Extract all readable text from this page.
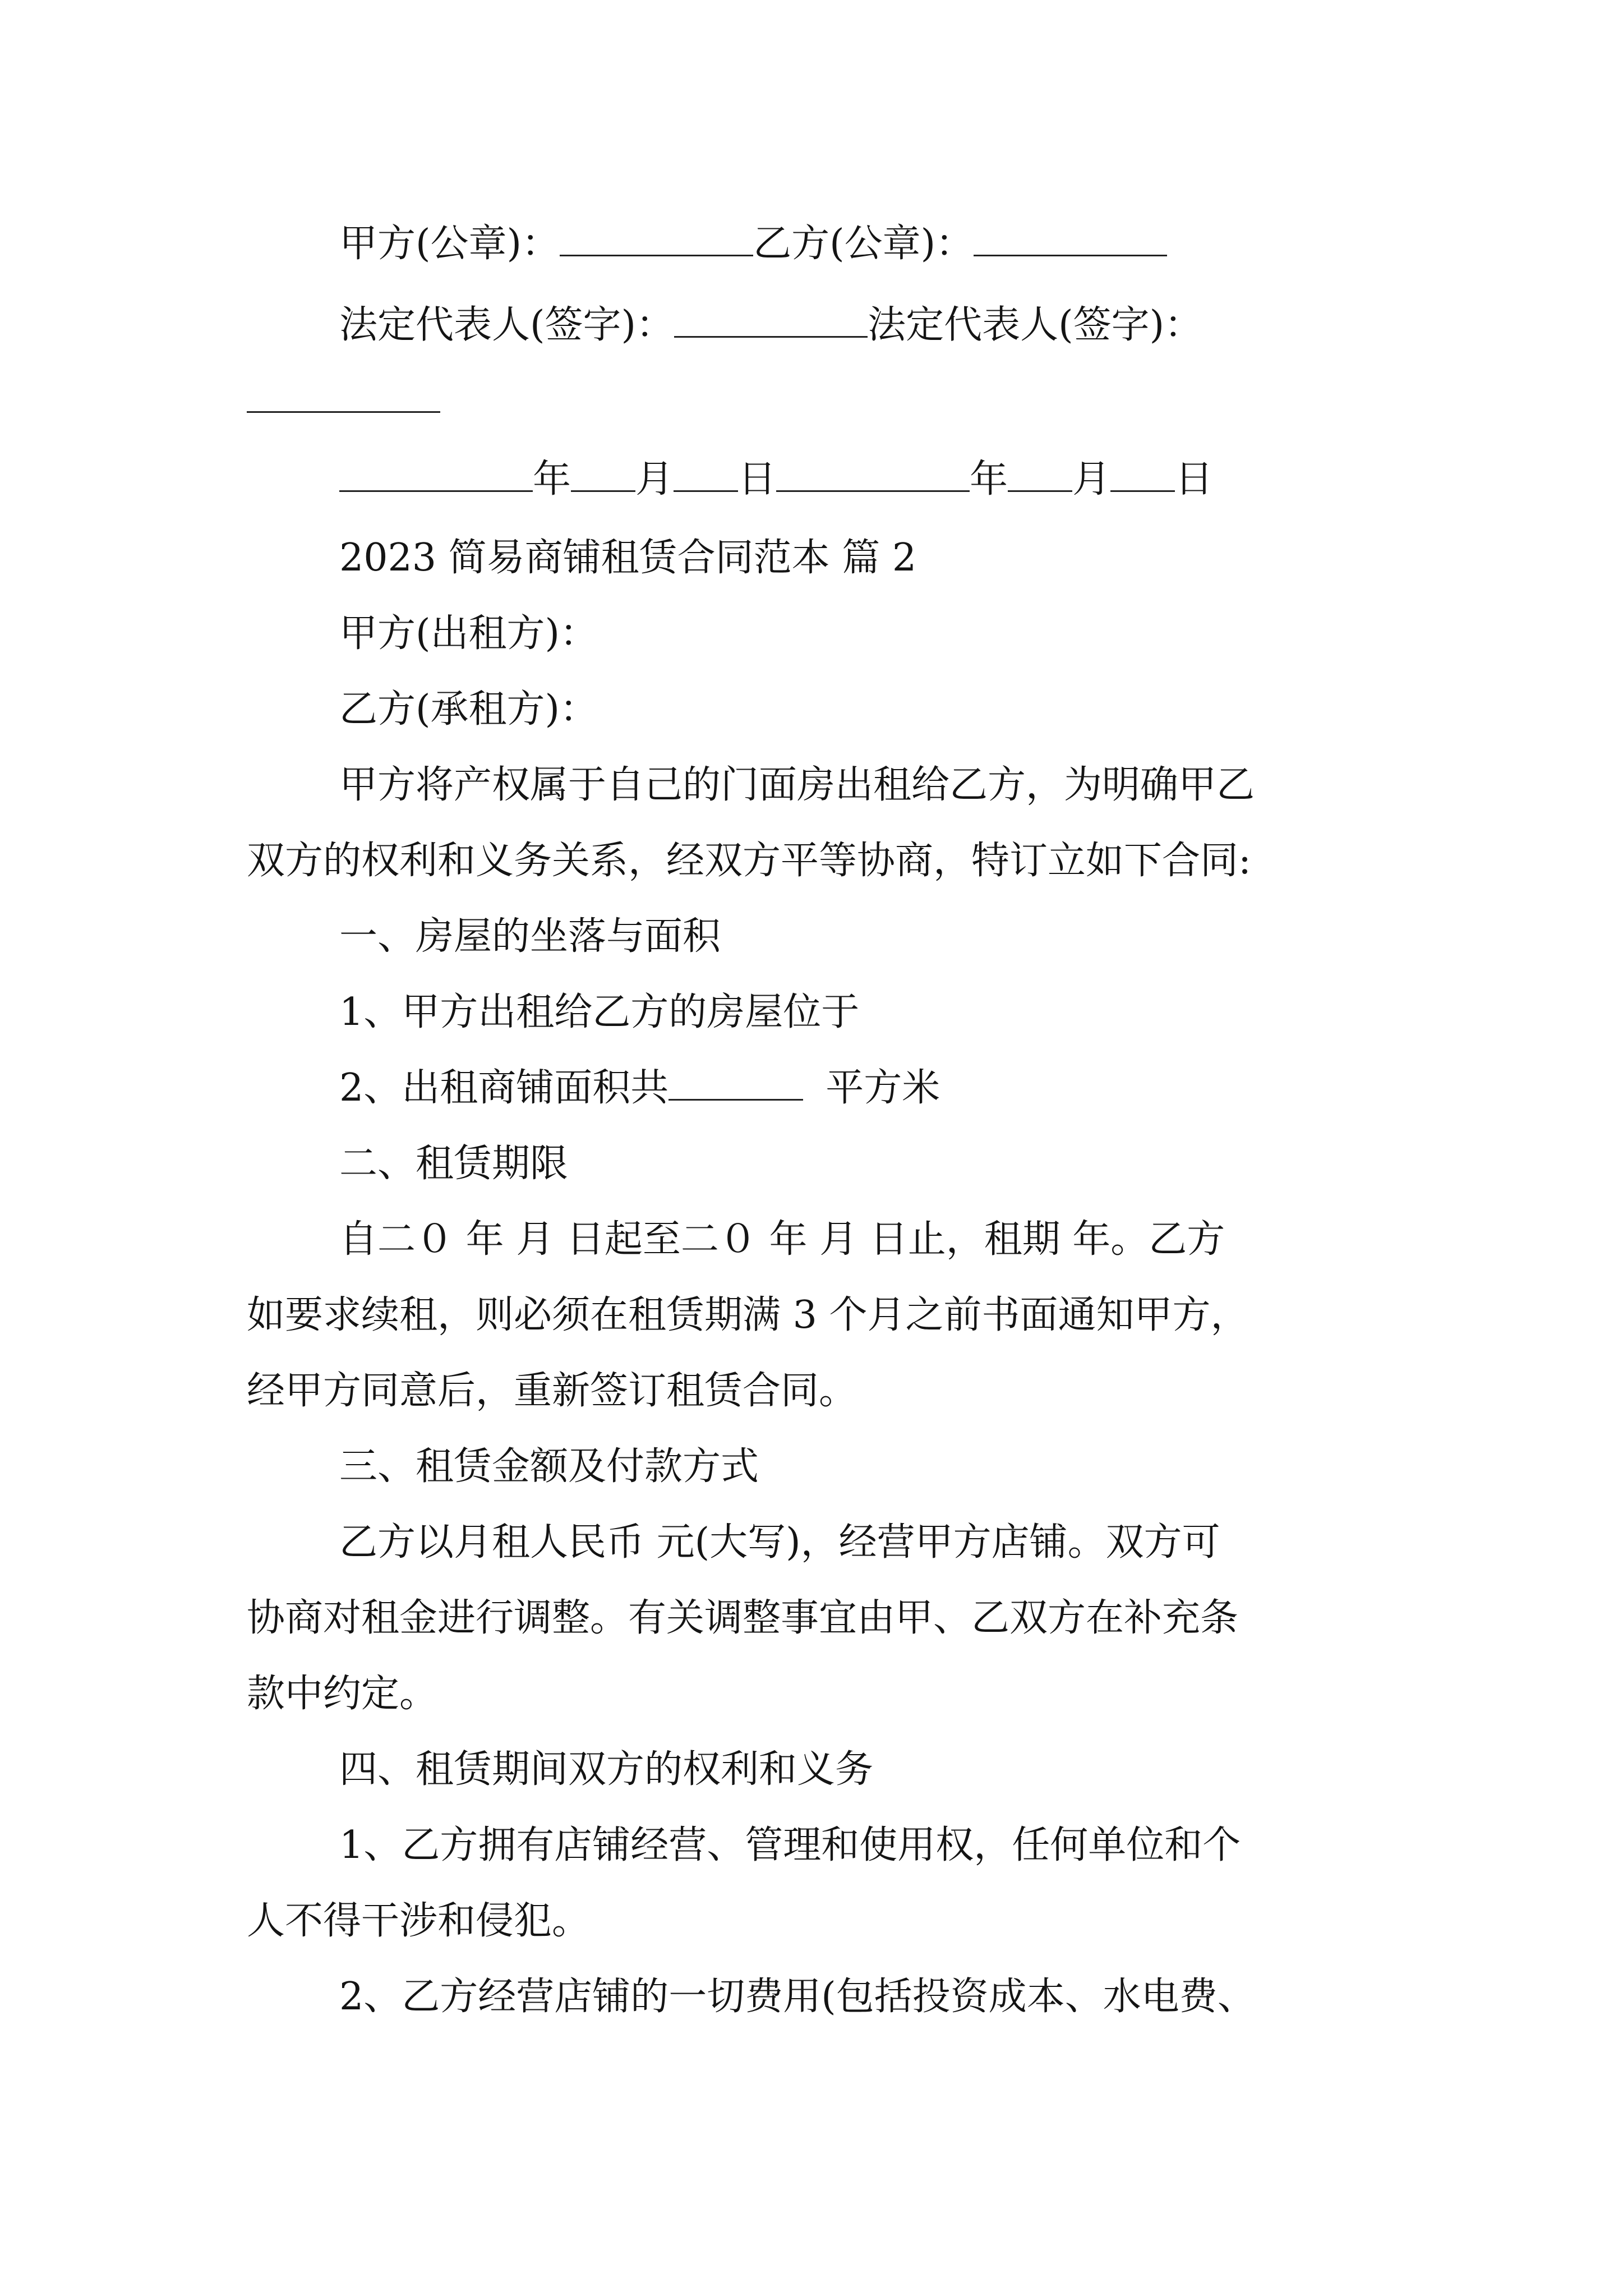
甲方(公章)：	乙方(公章)：
法定代表人(签字)：	法定代表人(签字)：
年 月 日	年 月 日
2023 简易商铺租赁合同范本 篇 2
甲方(出租方)：
乙方(承租方)：
甲方将产权属于自己的门面房出租给乙方，为明确甲乙
双方的权利和义务关系，经双方平等协商，特订立如下合同:
一、房屋的坐落与面积
1、甲方出租给乙方的房屋位于
2、出租商铺面积共	平方米
二、租赁期限
自二０ 年 月 日起至二０ 年 月 日止，租期 年。乙方
如要求续租，则必须在租赁期满 3 个月之前书面通知甲方，
经甲方同意后，重新签订租赁合同。
三、租赁金额及付款方式
乙方以月租人民币 元(大写)，经营甲方店铺。双方可
协商对租金进行调整。有关调整事宜由甲、乙双方在补充条
款中约定。
四、租赁期间双方的权利和义务
1、乙方拥有店铺经营、管理和使用权，任何单位和个
人不得干涉和侵犯。
2、乙方经营店铺的一切费用(包括投资成本、水电费、
